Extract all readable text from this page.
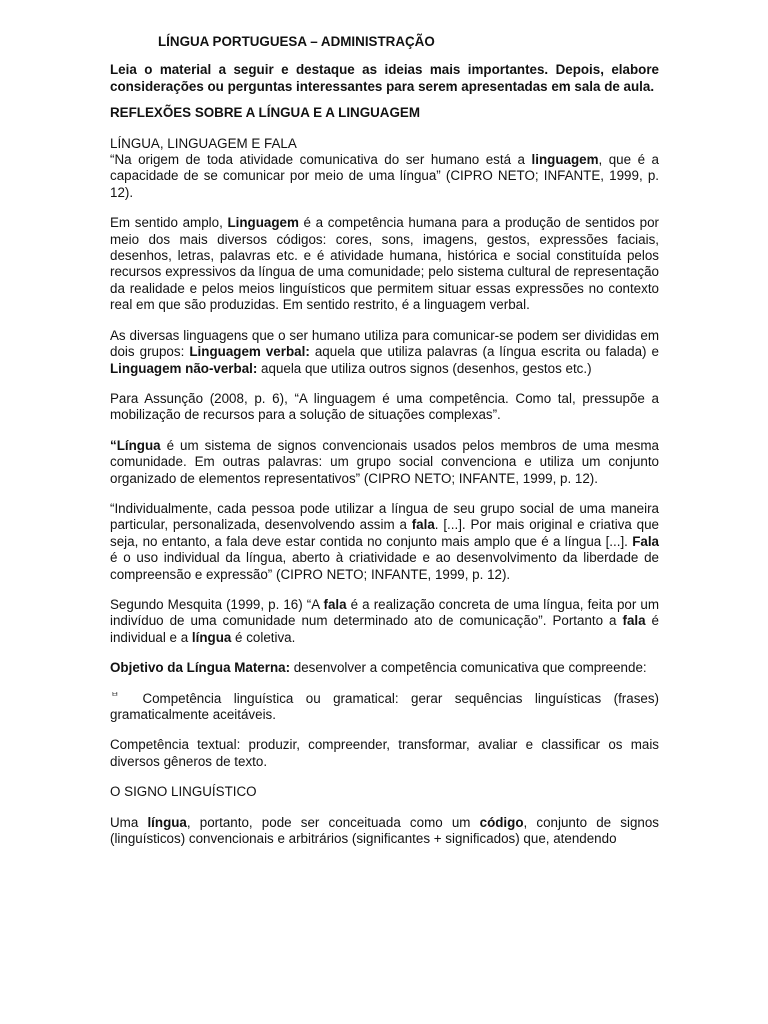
LÍNGUA PORTUGUESA – ADMINISTRAÇÃO
Leia o material a seguir e destaque as ideias mais importantes. Depois, elabore considerações ou perguntas interessantes para serem apresentadas em sala de aula.
REFLEXÕES SOBRE A LÍNGUA E A LINGUAGEM
LÍNGUA, LINGUAGEM E FALA

“Na origem de toda atividade comunicativa do ser humano está a linguagem, que é a capacidade de se comunicar por meio de uma língua” (CIPRO NETO; INFANTE, 1999, p. 12).

Em sentido amplo, Linguagem é a competência humana para a produção de sentidos por meio dos mais diversos códigos: cores, sons, imagens, gestos, expressões faciais, desenhos, letras, palavras etc. e é atividade humana, histórica e social constituída pelos recursos expressivos da língua de uma comunidade; pelo sistema cultural de representação da realidade e pelos meios linguísticos que permitem situar essas expressões no contexto real em que são produzidas. Em sentido restrito, é a linguagem verbal.

As diversas linguagens que o ser humano utiliza para comunicar-se podem ser divididas em dois grupos: Linguagem verbal: aquela que utiliza palavras (a língua escrita ou falada) e Linguagem não-verbal: aquela que utiliza outros signos (desenhos, gestos etc.)

Para Assunção (2008, p. 6), “A linguagem é uma competência. Como tal, pressupõe a mobilização de recursos para a solução de situações complexas”.

“Língua é um sistema de signos convencionais usados pelos membros de uma mesma comunidade. Em outras palavras: um grupo social convenciona e utiliza um conjunto organizado de elementos representativos” (CIPRO NETO; INFANTE, 1999, p. 12).

“Individualmente, cada pessoa pode utilizar a língua de seu grupo social de uma maneira particular, personalizada, desenvolvendo assim a fala. [...]. Por mais original e criativa que seja, no entanto, a fala deve estar contida no conjunto mais amplo que é a língua [...]. Fala é o uso individual da língua, aberto à criatividade e ao desenvolvimento da liberdade de compreensão e expressão” (CIPRO NETO; INFANTE, 1999, p. 12).

Segundo Mesquita (1999, p. 16) “A fala é a realização concreta de uma língua, feita por um indivíduo de uma comunidade num determinado ato de comunicação”. Portanto a fala é individual e a língua é coletiva.

Objetivo da Língua Materna: desenvolver a competência comunicativa que compreende:

ᄇ Competência linguística ou gramatical: gerar sequências linguísticas (frases) gramaticalmente aceitáveis.

Competência textual: produzir, compreender, transformar, avaliar e classificar os mais diversos gêneros de texto.

O SIGNO LINGUÍSTICO

Uma língua, portanto, pode ser conceituada como um código, conjunto de signos (linguísticos) convencionais e arbitrários (significantes + significados) que, atendendo
